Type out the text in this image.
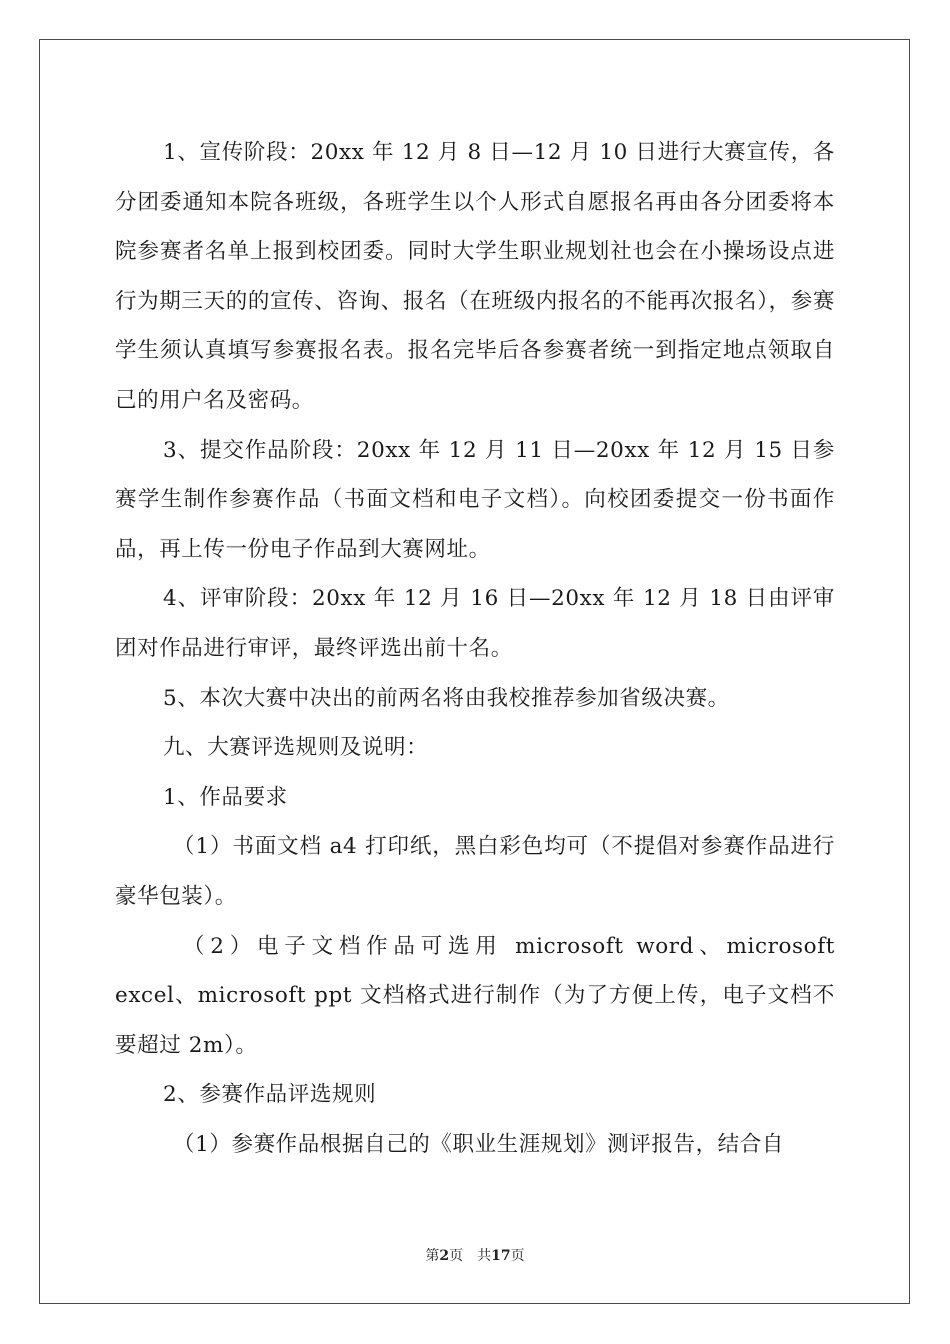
1、宣传阶段：20xx 年 12 月 8 日—12 月 10 日进行大赛宣传，各分团委通知本院各班级，各班学生以个人形式自愿报名再由各分团委将本院参赛者名单上报到校团委。同时大学生职业规划社也会在小操场设点进行为期三天的的宣传、咨询、报名（在班级内报名的不能再次报名），参赛学生须认真填写参赛报名表。报名完毕后各参赛者统一到指定地点领取自己的用户名及密码。

3、提交作品阶段：20xx 年 12 月 11 日—20xx 年 12 月 15 日参赛学生制作参赛作品（书面文档和电子文档）。向校团委提交一份书面作品，再上传一份电子作品到大赛网址。

4、评审阶段：20xx 年 12 月 16 日—20xx 年 12 月 18 日由评审团对作品进行审评，最终评选出前十名。

5、本次大赛中决出的前两名将由我校推荐参加省级决赛。

九、大赛评选规则及说明：

1、作品要求

（1）书面文档 a4 打印纸，黑白彩色均可（不提倡对参赛作品进行豪华包装）。

（2）电子文档作品可选用 microsoft word、microsoft excel、microsoft ppt 文档格式进行制作（为了方便上传，电子文档不要超过 2m）。

2、参赛作品评选规则

（1）参赛作品根据自己的《职业生涯规划》测评报告，结合自

第2页 共17页
